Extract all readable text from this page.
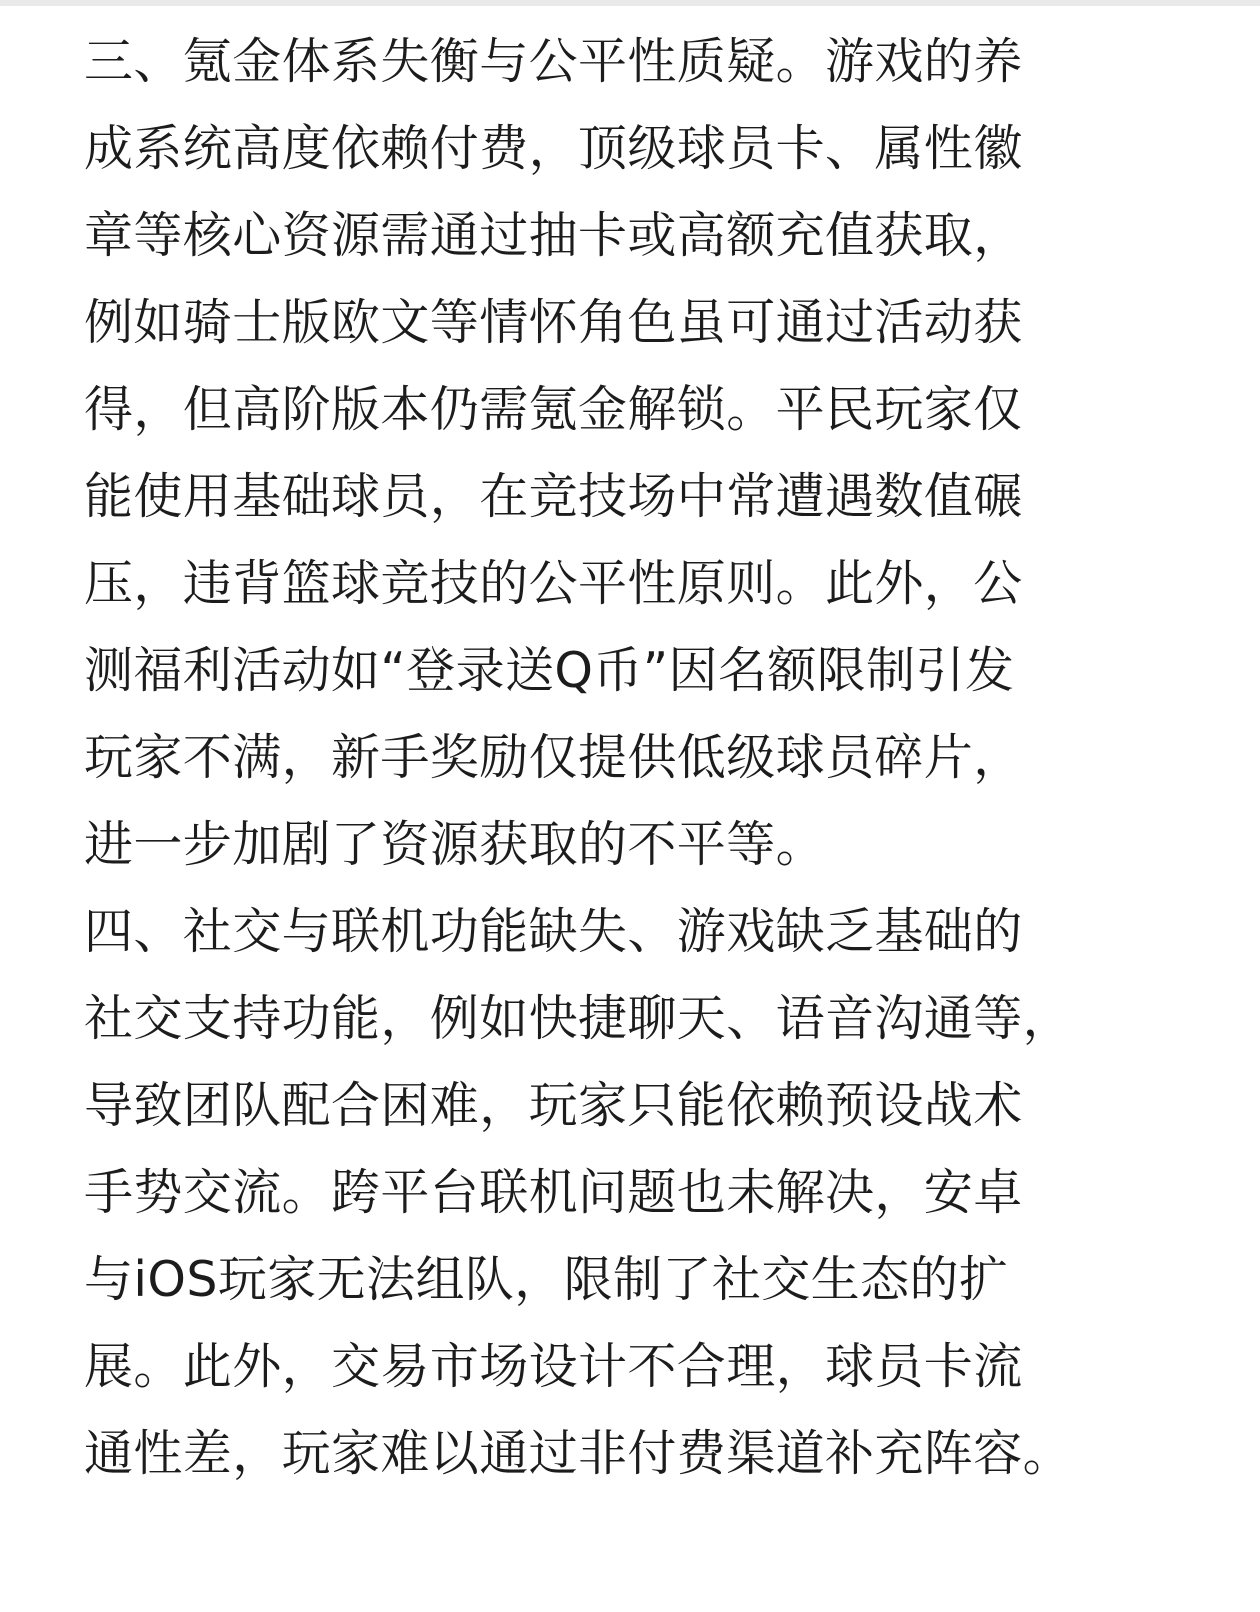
三、氪金体系失衡与公平性质疑。游戏的养
成系统高度依赖付费，顶级球员卡、属性徽
章等核心资源需通过抽卡或高额充值获取，
例如骑士版欧文等情怀角色虽可通过活动获
得，但高阶版本仍需氪金解锁。平民玩家仅
能使用基础球员，在竞技场中常遭遇数值碾
压，违背篮球竞技的公平性原则。此外，公
测福利活动如“登录送Q币”因名额限制引发
玩家不满，新手奖励仅提供低级球员碎片，
进一步加剧了资源获取的不平等。
四、社交与联机功能缺失、游戏缺乏基础的
社交支持功能，例如快捷聊天、语音沟通等，
导致团队配合困难，玩家只能依赖预设战术
手势交流。跨平台联机问题也未解决，安卓
与iOS玩家无法组队，限制了社交生态的扩
展。此外，交易市场设计不合理，球员卡流
通性差，玩家难以通过非付费渠道补充阵容。
